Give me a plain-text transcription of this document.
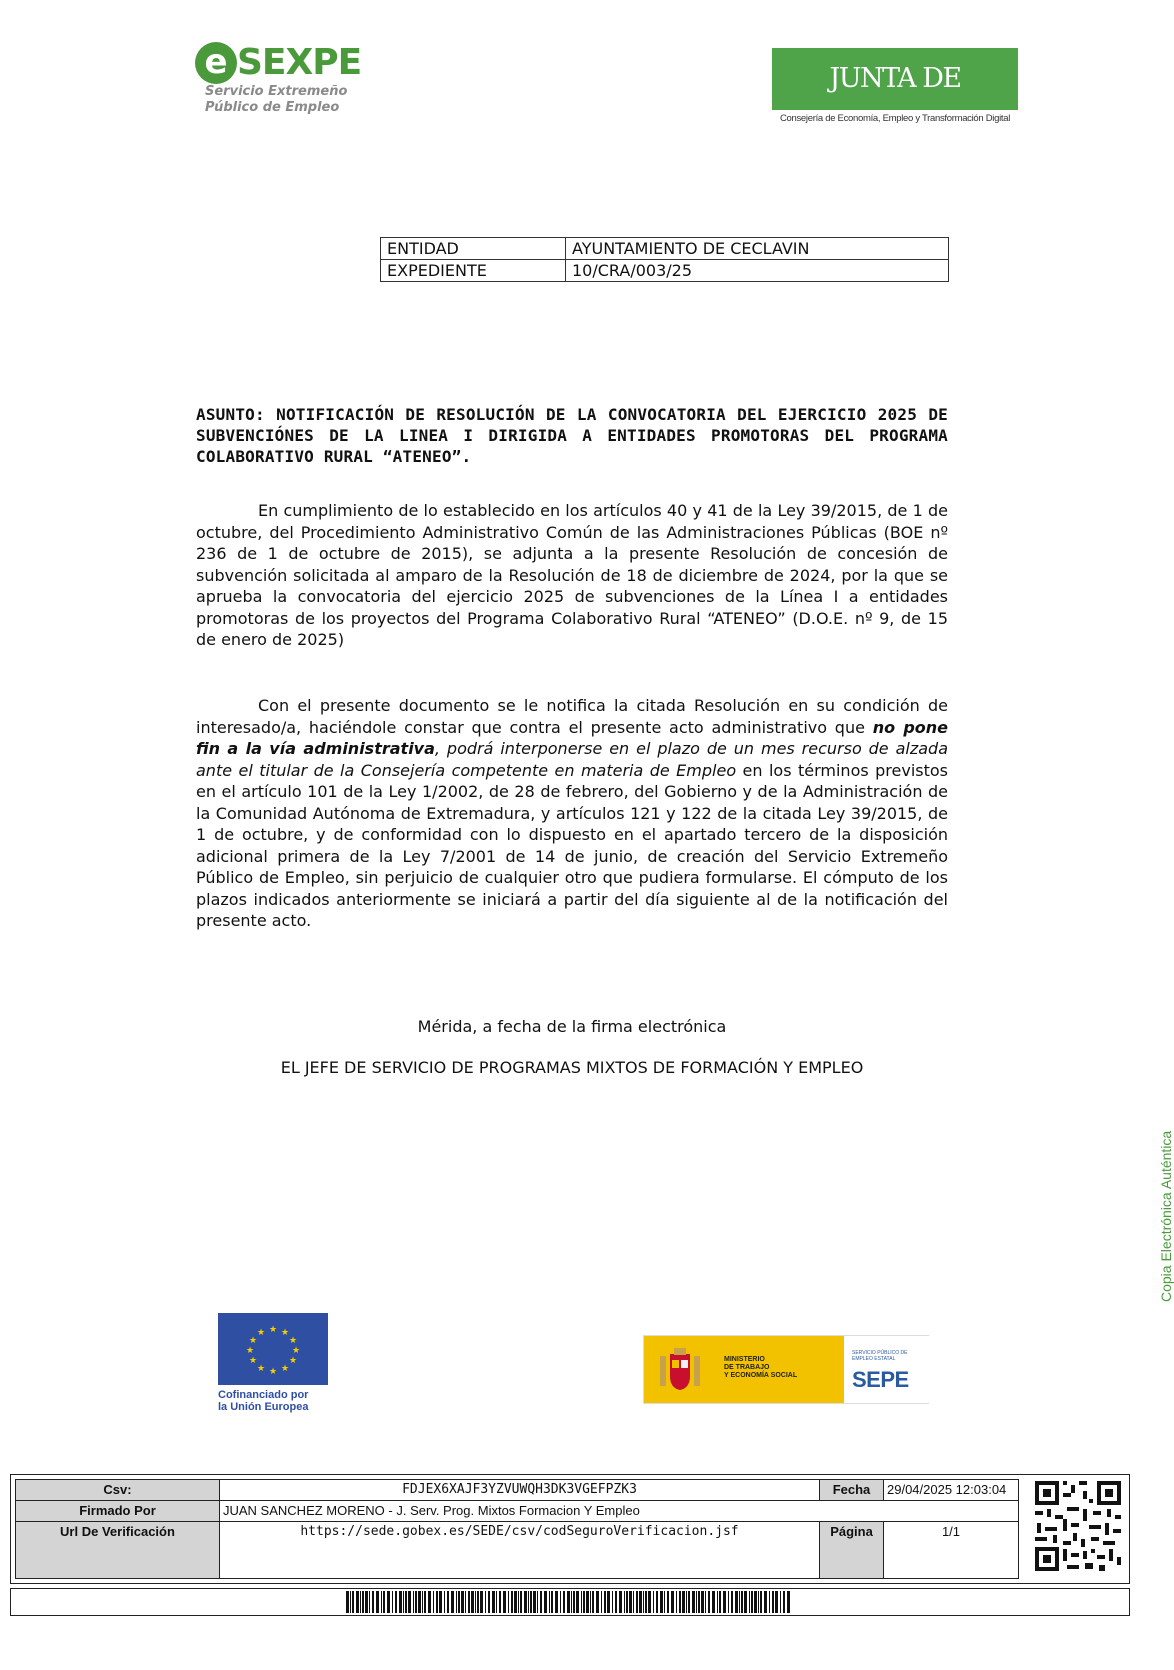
e SEXPE
Servicio Extremeño
Público de Empleo
JUNTA DE EXTREMADURA
Consejería de Economía, Empleo y Transformación Digital
ENTIDAD	AYUNTAMIENTO DE CECLAVIN
EXPEDIENTE	10/CRA/003/25
ASUNTO: NOTIFICACIÓN DE RESOLUCIÓN DE LA CONVOCATORIA DEL EJERCICIO 2025 DE SUBVENCIÓNES DE LA LINEA I DIRIGIDA A ENTIDADES PROMOTORAS DEL PROGRAMA COLABORATIVO RURAL “ATENEO”.

En cumplimiento de lo establecido en los artículos 40 y 41 de la Ley 39/2015, de 1 de octubre, del Procedimiento Administrativo Común de las Administraciones Públicas (BOE nº 236 de 1 de octubre de 2015), se adjunta a la presente Resolución de concesión de subvención solicitada al amparo de la Resolución de 18 de diciembre de 2024, por la que se aprueba la convocatoria del ejercicio 2025 de subvenciones de la Línea I a entidades promotoras de los proyectos del Programa Colaborativo Rural “ATENEO” (D.O.E. nº 9, de 15 de enero de 2025)

Con el presente documento se le notifica la citada Resolución en su condición de interesado/a, haciéndole constar que contra el presente acto administrativo que no pone fin a la vía administrativa, podrá interponerse en el plazo de un mes recurso de alzada ante el titular de la Consejería competente en materia de Empleo en los términos previstos en el artículo 101 de la Ley 1/2002, de 28 de febrero, del Gobierno y de la Administración de la Comunidad Autónoma de Extremadura, y artículos 121 y 122 de la citada Ley 39/2015, de 1 de octubre, y de conformidad con lo dispuesto en el apartado tercero de la disposición adicional primera de la Ley 7/2001 de 14 de junio, de creación del Servicio Extremeño Público de Empleo, sin perjuicio de cualquier otro que pudiera formularse. El cómputo de los plazos indicados anteriormente se iniciará a partir del día siguiente al de la notificación del presente acto.

Mérida, a fecha de la firma electrónica
EL JEFE DE SERVICIO DE PROGRAMAS MIXTOS DE FORMACIÓN Y EMPLEO
★ ★
★
★
★
★
★
★
★
★
★
★
Cofinanciado por
la Unión Europea
MINISTERIO
DE TRABAJO
Y ECONOMÍA SOCIAL
SERVICIO PÚBLICO DE EMPLEO ESTATAL
SEPE
Copia Electrónica Auténtica
Csv:	FDJEX6XAJF3YZVUWQH3DK3VGEFPZK3	Fecha	29/04/2025 12:03:04
Firmado Por	JUAN SANCHEZ MORENO - J. Serv. Prog. Mixtos Formacion Y Empleo		
Url De Verificación	https://sede.gobex.es/SEDE/csv/codSeguroVerificacion.jsf	Página	1/1
